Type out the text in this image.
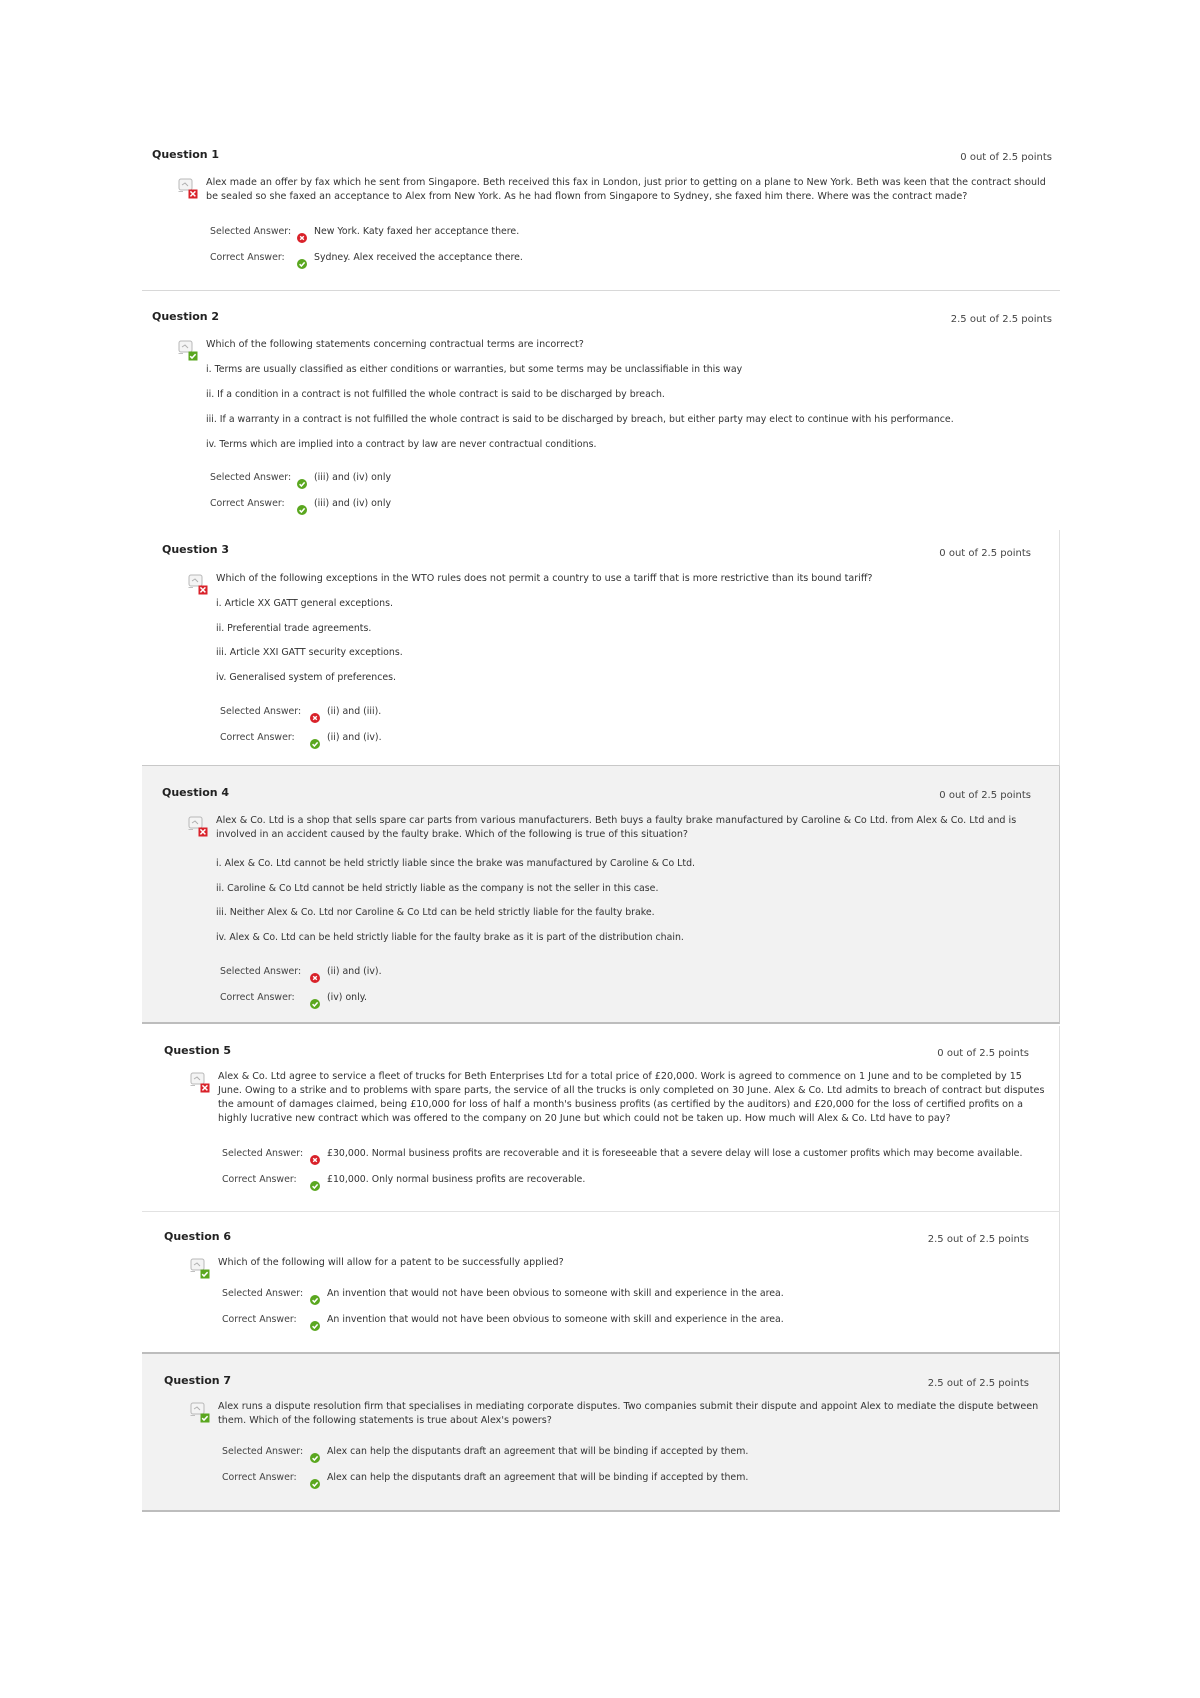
Question 1	0 out of 2.5 points
Alex made an offer by fax which he sent from Singapore. Beth received this fax in London, just prior to getting on a plane to New York. Beth was keen that the contract should be sealed so she faxed an acceptance to Alex from New York. As he had flown from Singapore to Sydney, she faxed him there. Where was the contract made?
Selected Answer: New York. Katy faxed her acceptance there.
Correct Answer:	Sydney. Alex received the acceptance there.
Question 2	2.5 out of 2.5 points
Which of the following statements concerning contractual terms are incorrect?
i. Terms are usually classified as either conditions or warranties, but some terms may be unclassifiable in this way
ii. If a condition in a contract is not fulfilled the whole contract is said to be discharged by breach.
iii. If a warranty in a contract is not fulfilled the whole contract is said to be discharged by breach, but either party may elect to continue with his performance.
iv. Terms which are implied into a contract by law are never contractual conditions.
Selected Answer: (iii) and (iv) only
Correct Answer:	(iii) and (iv) only
Question 3	0 out of 2.5 points
Which of the following exceptions in the WTO rules does not permit a country to use a tariff that is more restrictive than its bound tariff?
i. Article XX GATT general exceptions.
ii. Preferential trade agreements.
iii. Article XXI GATT security exceptions.
iv. Generalised system of preferences.
Selected Answer:	(ii) and (iii).
Correct Answer:	(ii) and (iv).
Question 4	0 out of 2.5 points
Alex & Co. Ltd is a shop that sells spare car parts from various manufacturers. Beth buys a faulty brake manufactured by Caroline & Co Ltd. from Alex & Co. Ltd and is involved in an accident caused by the faulty brake. Which of the following is true of this situation?
i. Alex & Co. Ltd cannot be held strictly liable since the brake was manufactured by Caroline & Co Ltd.
ii. Caroline & Co Ltd cannot be held strictly liable as the company is not the seller in this case.
iii. Neither Alex & Co. Ltd nor Caroline & Co Ltd can be held strictly liable for the faulty brake.
iv. Alex & Co. Ltd can be held strictly liable for the faulty brake as it is part of the distribution chain.
Selected Answer:	(ii) and (iv).
Correct Answer:	(iv) only.
Question 5	0 out of 2.5 points
Alex & Co. Ltd agree to service a fleet of trucks for Beth Enterprises Ltd for a total price of £20,000. Work is agreed to commence on 1 June and to be completed by 15 June. Owing to a strike and to problems with spare parts, the service of all the trucks is only completed on 30 June. Alex & Co. Ltd admits to breach of contract but disputes the amount of damages claimed, being £10,000 for loss of half a month's business profits (as certified by the auditors) and £20,000 for the loss of certified profits on a highly lucrative new contract which was offered to the company on 20 June but which could not be taken up. How much will Alex & Co. Ltd have to pay?
Selected Answer:	£30,000. Normal business profits are recoverable and it is foreseeable that a severe delay will lose a customer profits which may become available.
Correct Answer:	£10,000. Only normal business profits are recoverable.
Question 6	2.5 out of 2.5 points
Which of the following will allow for a patent to be successfully applied?
Selected Answer:	An invention that would not have been obvious to someone with skill and experience in the area.
Correct Answer:	An invention that would not have been obvious to someone with skill and experience in the area.
Question 7	2.5 out of 2.5 points
Alex runs a dispute resolution firm that specialises in mediating corporate disputes. Two companies submit their dispute and appoint Alex to mediate the dispute between them. Which of the following statements is true about Alex's powers?
Selected Answer:	Alex can help the disputants draft an agreement that will be binding if accepted by them.
Correct Answer:	Alex can help the disputants draft an agreement that will be binding if accepted by them.
